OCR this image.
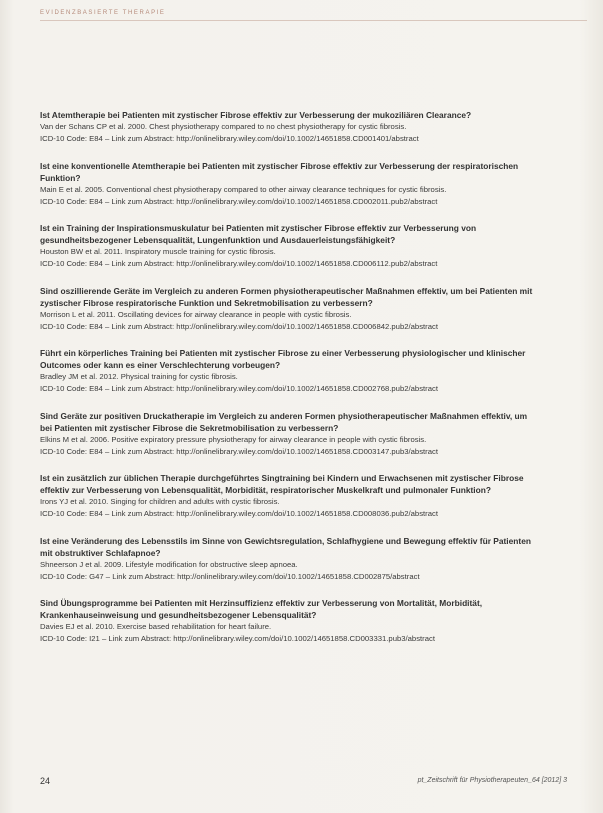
EVIDENZBASIERTE THERAPIE

Ist Atemtherapie bei Patienten mit zystischer Fibrose effektiv zur Verbesserung der mukoziliären Clearance?

Van der Schans CP et al. 2000. Chest physiotherapy compared to no chest physiotherapy for cystic fibrosis.

ICD-10 Code: E84 – Link zum Abstract: http://onlinelibrary.wiley.com/doi/10.1002/14651858.CD001401/abstract

Ist eine konventionelle Atemtherapie bei Patienten mit zystischer Fibrose effektiv zur Verbesserung der respiratorischen Funktion?

Main E et al. 2005. Conventional chest physiotherapy compared to other airway clearance techniques for cystic fibrosis.

ICD-10 Code: E84 – Link zum Abstract: http://onlinelibrary.wiley.com/doi/10.1002/14651858.CD002011.pub2/abstract

Ist ein Training der Inspirationsmuskulatur bei Patienten mit zystischer Fibrose effektiv zur Verbesserung von gesundheitsbezogener Lebensqualität, Lungenfunktion und Ausdauerleistungsfähigkeit?

Houston BW et al. 2011. Inspiratory muscle training for cystic fibrosis.

ICD-10 Code: E84 – Link zum Abstract: http://onlinelibrary.wiley.com/doi/10.1002/14651858.CD006112.pub2/abstract

Sind oszillierende Geräte im Vergleich zu anderen Formen physiotherapeutischer Maßnahmen effektiv, um bei Patienten mit zystischer Fibrose respiratorische Funktion und Sekretmobilisation zu verbessern?

Morrison L et al. 2011. Oscillating devices for airway clearance in people with cystic fibrosis.

ICD-10 Code: E84 – Link zum Abstract: http://onlinelibrary.wiley.com/doi/10.1002/14651858.CD006842.pub2/abstract

Führt ein körperliches Training bei Patienten mit zystischer Fibrose zu einer Verbesserung physiologischer und klinischer Outcomes oder kann es einer Verschlechterung vorbeugen?

Bradley JM et al. 2012. Physical training for cystic fibrosis.

ICD-10 Code: E84 – Link zum Abstract: http://onlinelibrary.wiley.com/doi/10.1002/14651858.CD002768.pub2/abstract

Sind Geräte zur positiven Druckatherapie im Vergleich zu anderen Formen physiotherapeutischer Maßnahmen effektiv, um bei Patienten mit zystischer Fibrose die Sekretmobilisation zu verbessern?

Elkins M et al. 2006. Positive expiratory pressure physiotherapy for airway clearance in people with cystic fibrosis.

ICD-10 Code: E84 – Link zum Abstract: http://onlinelibrary.wiley.com/doi/10.1002/14651858.CD003147.pub3/abstract

Ist ein zusätzlich zur üblichen Therapie durchgeführtes Singtraining bei Kindern und Erwachsenen mit zystischer Fibrose effektiv zur Verbesserung von Lebensqualität, Morbidität, respiratorischer Muskelkraft und pulmonaler Funktion?

Irons YJ et al. 2010. Singing for children and adults with cystic fibrosis.

ICD-10 Code: E84 – Link zum Abstract: http://onlinelibrary.wiley.com/doi/10.1002/14651858.CD008036.pub2/abstract

Ist eine Veränderung des Lebensstils im Sinne von Gewichtsregulation, Schlafhygiene und Bewegung effektiv für Patienten mit obstruktiver Schlafapnoe?

Shneerson J et al. 2009. Lifestyle modification for obstructive sleep apnoea.

ICD-10 Code: G47 – Link zum Abstract: http://onlinelibrary.wiley.com/doi/10.1002/14651858.CD002875/abstract

Sind Übungsprogramme bei Patienten mit Herzinsuffizienz effektiv zur Verbesserung von Mortalität, Morbidität, Krankenhauseinweisung und gesundheitsbezogener Lebensqualität?

Davies EJ et al. 2010. Exercise based rehabilitation for heart failure.

ICD-10 Code: I21 – Link zum Abstract: http://onlinelibrary.wiley.com/doi/10.1002/14651858.CD003331.pub3/abstract

24	pt_Zeitschrift für Physiotherapeuten_64 [2012] 3
